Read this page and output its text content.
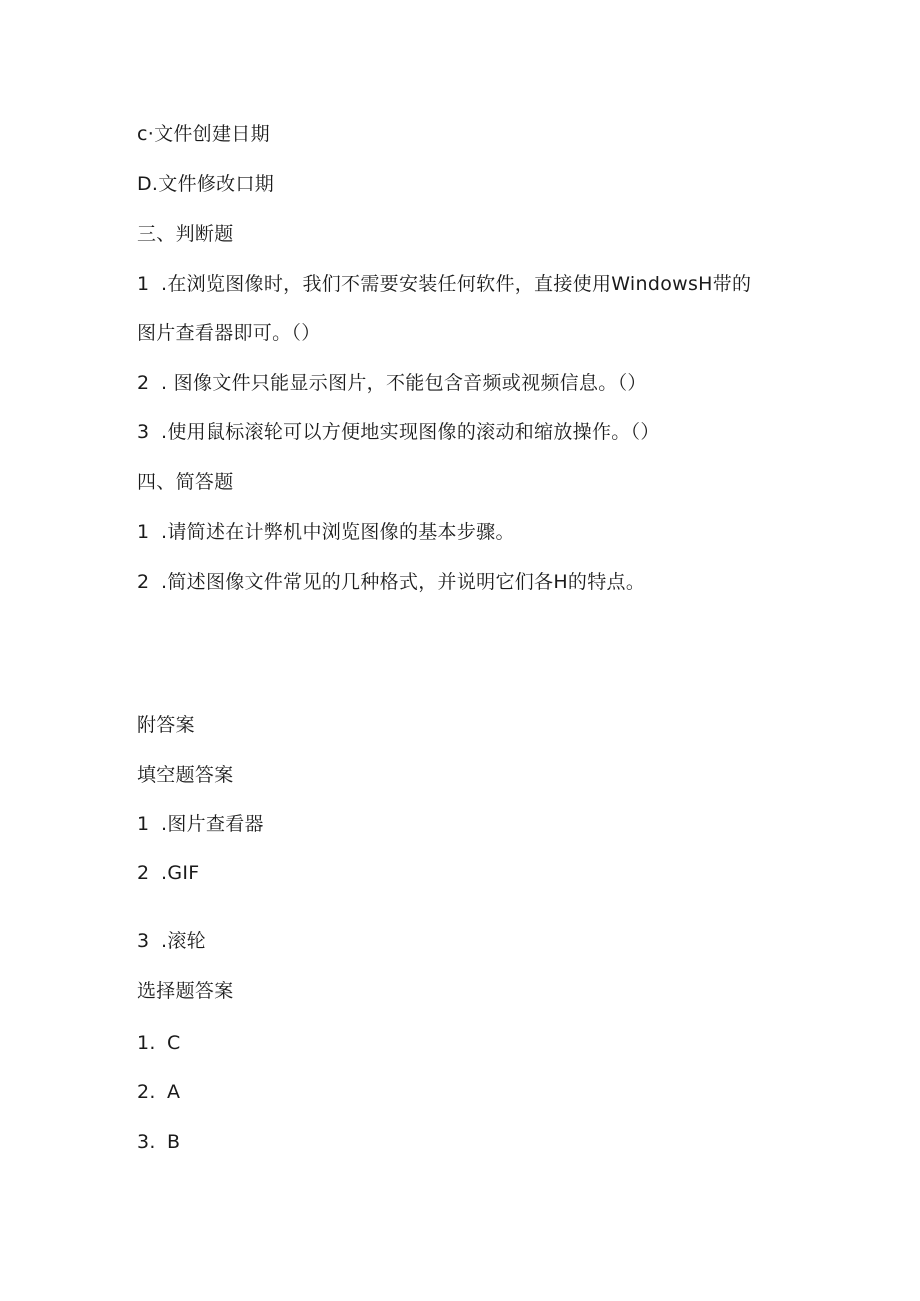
c·文件创建日期
D.文件修改口期
三、判断题
1 .在浏览图像时，我们不需要安装任何软件，直接使用WindowsH带的
图片查看器即可。（）
2 . 图像文件只能显示图片，不能包含音频或视频信息。（）
3 .使用鼠标滚轮可以方便地实现图像的滚动和缩放操作。（）
四、简答题
1 .请简述在计弊机中浏览图像的基本步骤。
2 .简述图像文件常见的几种格式，并说明它们各H的特点。
附答案
填空题答案
1 .图片查看器
2 .GIF
3 .滚轮
选择题答案
1. C
2. A
3. B
